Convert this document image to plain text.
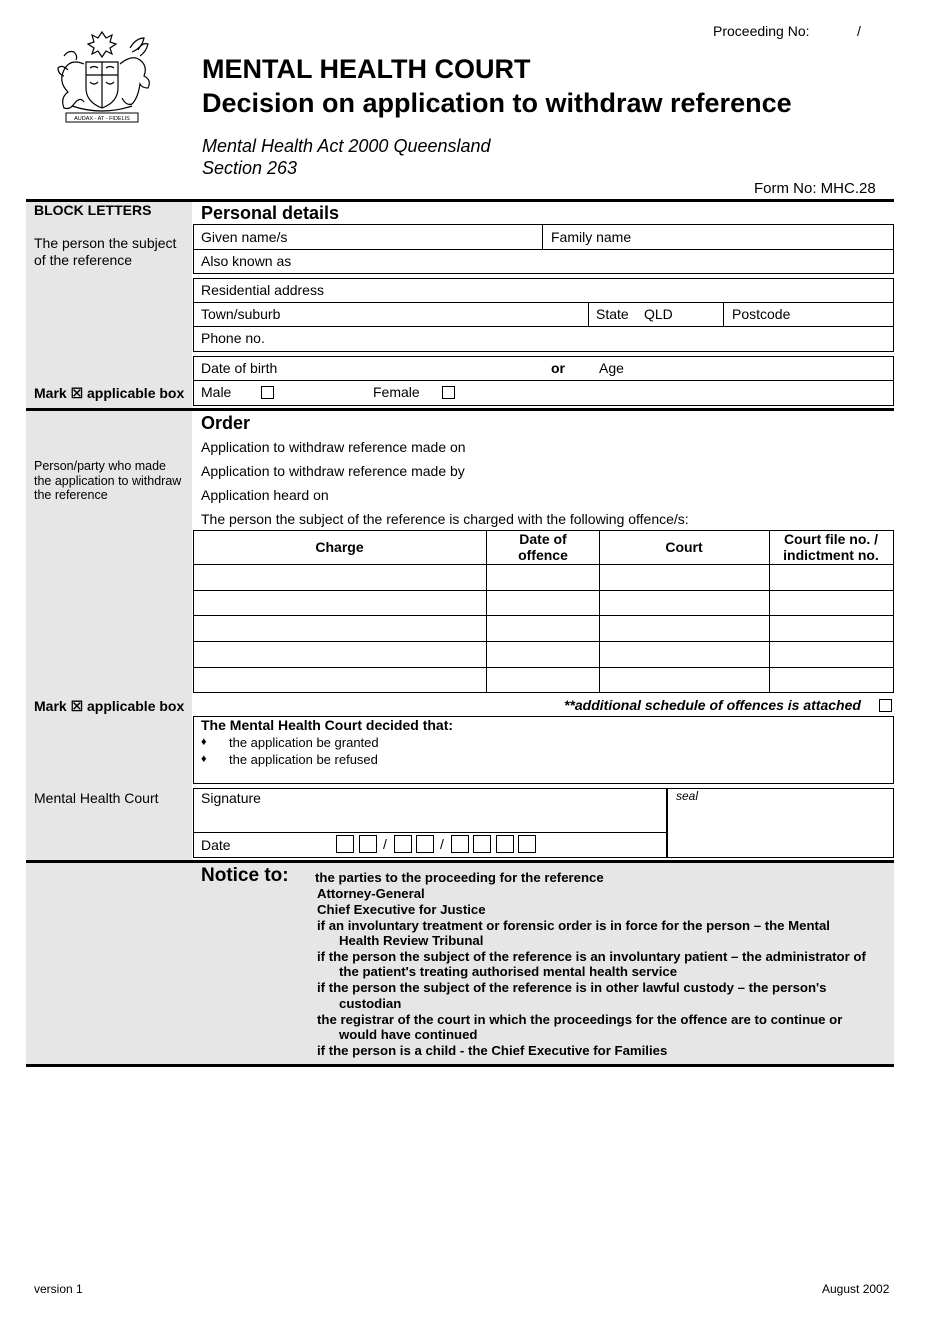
AUDAX - AT - FIDELIS
Proceeding No:	/
MENTAL HEALTH COURT
Decision on application to withdraw reference
Mental Health Act 2000 Queensland
Section 263
Form No: MHC.28
BLOCK LETTERS
The person the subject of the reference
Mark ☒ applicable box
Person/party who made the application to withdraw the reference
Mark ☒ applicable box
Mental Health Court
Personal details
Given name/s	Family name
Also known as
Residential address
Town/suburb	State QLD	Postcode
Phone no.
Date of birth	or Age
Male	Female
Order
Application to withdraw reference made on
Application to withdraw reference made by
Application heard on
The person the subject of the reference is charged with the following offence/s:
Charge	Date of offence	Court	Court file no. / indictment no.
**additional schedule of offences is attached
The Mental Health Court decided that:
♦ the application be granted
♦ the application be refused
Signature	seal
Date	/	/
Notice to: the parties to the proceeding for the reference
Attorney-General
Chief Executive for Justice
if an involuntary treatment or forensic order is in force for the person – the Mental
Health Review Tribunal
if the person the subject of the reference is an involuntary patient – the administrator of
the patient's treating authorised mental health service
if the person the subject of the reference is in other lawful custody – the person's
custodian
the registrar of the court in which the proceedings for the offence are to continue or
would have continued
if the person is a child - the Chief Executive for Families
version 1	August 2002
